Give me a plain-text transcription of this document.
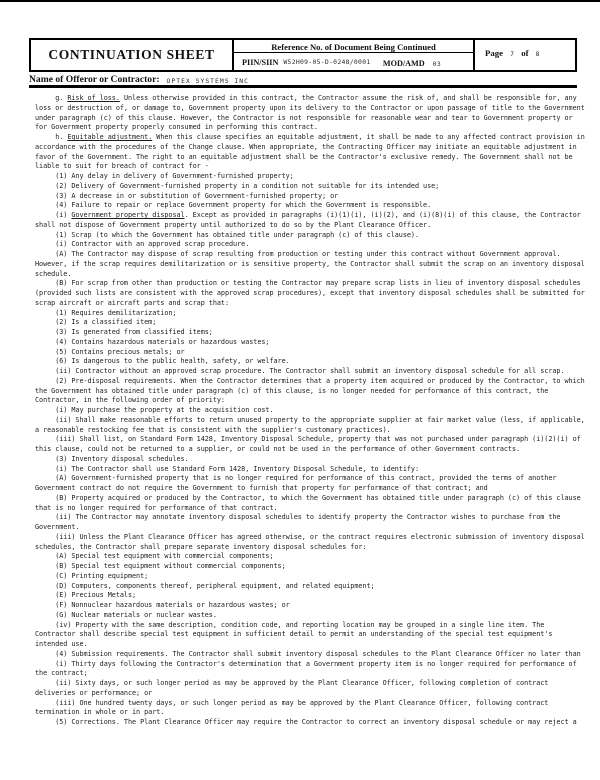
CONTINUATION SHEET	Reference No. of Document Being Continued
PIIN/SIIN W52H09-05-D-0248/0001 MOD/AMD 03
Page 7 of 8
Name of Offeror or Contractor: OPTEX SYSTEMS INC
g. Risk of loss. Unless otherwise provided in this contract, the Contractor assume the risk of, and shall be responsible for, any
loss or destruction of, or damage to, Government property upon its delivery to the Contractor or upon passage of title to the Government
under paragraph (c) of this clause. However, the Contractor is not responsible for reasonable wear and tear to Government property or
for Government property properly consumed in performing this contract.
h. Equitable adjustment. When this clause specifies an equitable adjustment, it shall be made to any affected contract provision in
accordance with the procedures of the Change clause. When appropriate, the Contracting Officer may initiate an equitable adjustment in
favor of the Government. The right to an equitable adjustment shall be the Contractor's exclusive remedy. The Government shall not be
liable to suit for breach of contract for -
(1) Any delay in delivery of Government-furnished property;
(2) Delivery of Government-furnished property in a condition not suitable for its intended use;
(3) A decrease in or substitution of Government-furnished property; or
(4) Failure to repair or replace Government property for which the Government is responsible.
(i) Government property disposal. Except as provided in paragraphs (i)(1)(i), (i)(2), and (i)(8)(i) of this clause, the Contractor
shall not dispose of Government property until authorized to do so by the Plant Clearance Officer.
(1) Scrap (to which the Government has obtained title under paragraph (c) of this clause).
(i) Contractor with an approved scrap procedure.
(A) The Contractor may dispose of scrap resulting from production or testing under this contract without Government approval.
However, if the scrap requires demilitarization or is sensitive property, the Contractor shall submit the scrap on an inventory disposal
schedule.
(B) For scrap from other than production or testing the Contractor may prepare scrap lists in lieu of inventory disposal schedules
(provided such lists are consistent with the approved scrap procedures), except that inventory disposal schedules shall be submitted for
scrap aircraft or aircraft parts and scrap that:
(1) Requires demilitarization;
(2) Is a classified item;
(3) Is generated from classified items;
(4) Contains hazardous materials or hazardous wastes;
(5) Contains precious metals; or
(6) Is dangerous to the public health, safety, or welfare.
(ii) Contractor without an approved scrap procedure. The Contractor shall submit an inventory disposal schedule for all scrap.
(2) Pre-disposal requirements. When the Contractor determines that a property item acquired or produced by the Contractor, to which
the Government has obtained title under paragraph (c) of this clause, is no longer needed for performance of this contract, the
Contractor, in the following order of priority:
(i) May purchase the property at the acquisition cost.
(ii) Shall make reasonable efforts to return unused property to the appropriate supplier at fair market value (less, if applicable,
a reasonable restocking fee that is consistent with the supplier's customary practices).
(iii) Shall list, on Standard Form 1428, Inventory Disposal Schedule, property that was not purchased under paragraph (i)(2)(i) of
this clause, could not be returned to a supplier, or could not be used in the performance of other Government contracts.
(3) Inventory disposal schedules.
(i) The Contractor shall use Standard Form 1428, Inventory Disposal Schedule, to identify:
(A) Government-furnished property that is no longer required for performance of this contract, provided the terms of another
Government contract do not require the Government to furnish that property for performance of that contract; and
(B) Property acquired or produced by the Contractor, to which the Government has obtained title under paragraph (c) of this clause
that is no longer required for performance of that contract.
(ii) The Contractor may annotate inventory disposal schedules to identify property the Contractor wishes to purchase from the
Government.
(iii) Unless the Plant Clearance Officer has agreed otherwise, or the contract requires electronic submission of inventory disposal
schedules, the Contractor shall prepare separate inventory disposal schedules for:
(A) Special test equipment with commercial components;
(B) Special test equipment without commercial components;
(C) Printing equipment;
(D) Computers, components thereof, peripheral equipment, and related equipment;
(E) Precious Metals;
(F) Nonnuclear hazardous materials or hazardous wastes; or
(G) Nuclear materials or nuclear wastes.
(iv) Property with the same description, condition code, and reporting location may be grouped in a single line item. The
Contractor shall describe special test equipment in sufficient detail to permit an understanding of the special test equipment's
intended use.
(4) Submission requirements. The Contractor shall submit inventory disposal schedules to the Plant Clearance Officer no later than
(i) Thirty days following the Contractor's determination that a Government property item is no longer required for performance of
the contract;
(ii) Sixty days, or such longer period as may be approved by the Plant Clearance Officer, following completion of contract
deliveries or performance; or
(iii) One hundred twenty days, or such longer period as may be approved by the Plant Clearance Officer, following contract
termination in whole or in part.
(5) Corrections. The Plant Clearance Officer may require the Contractor to correct an inventory disposal schedule or may reject a
